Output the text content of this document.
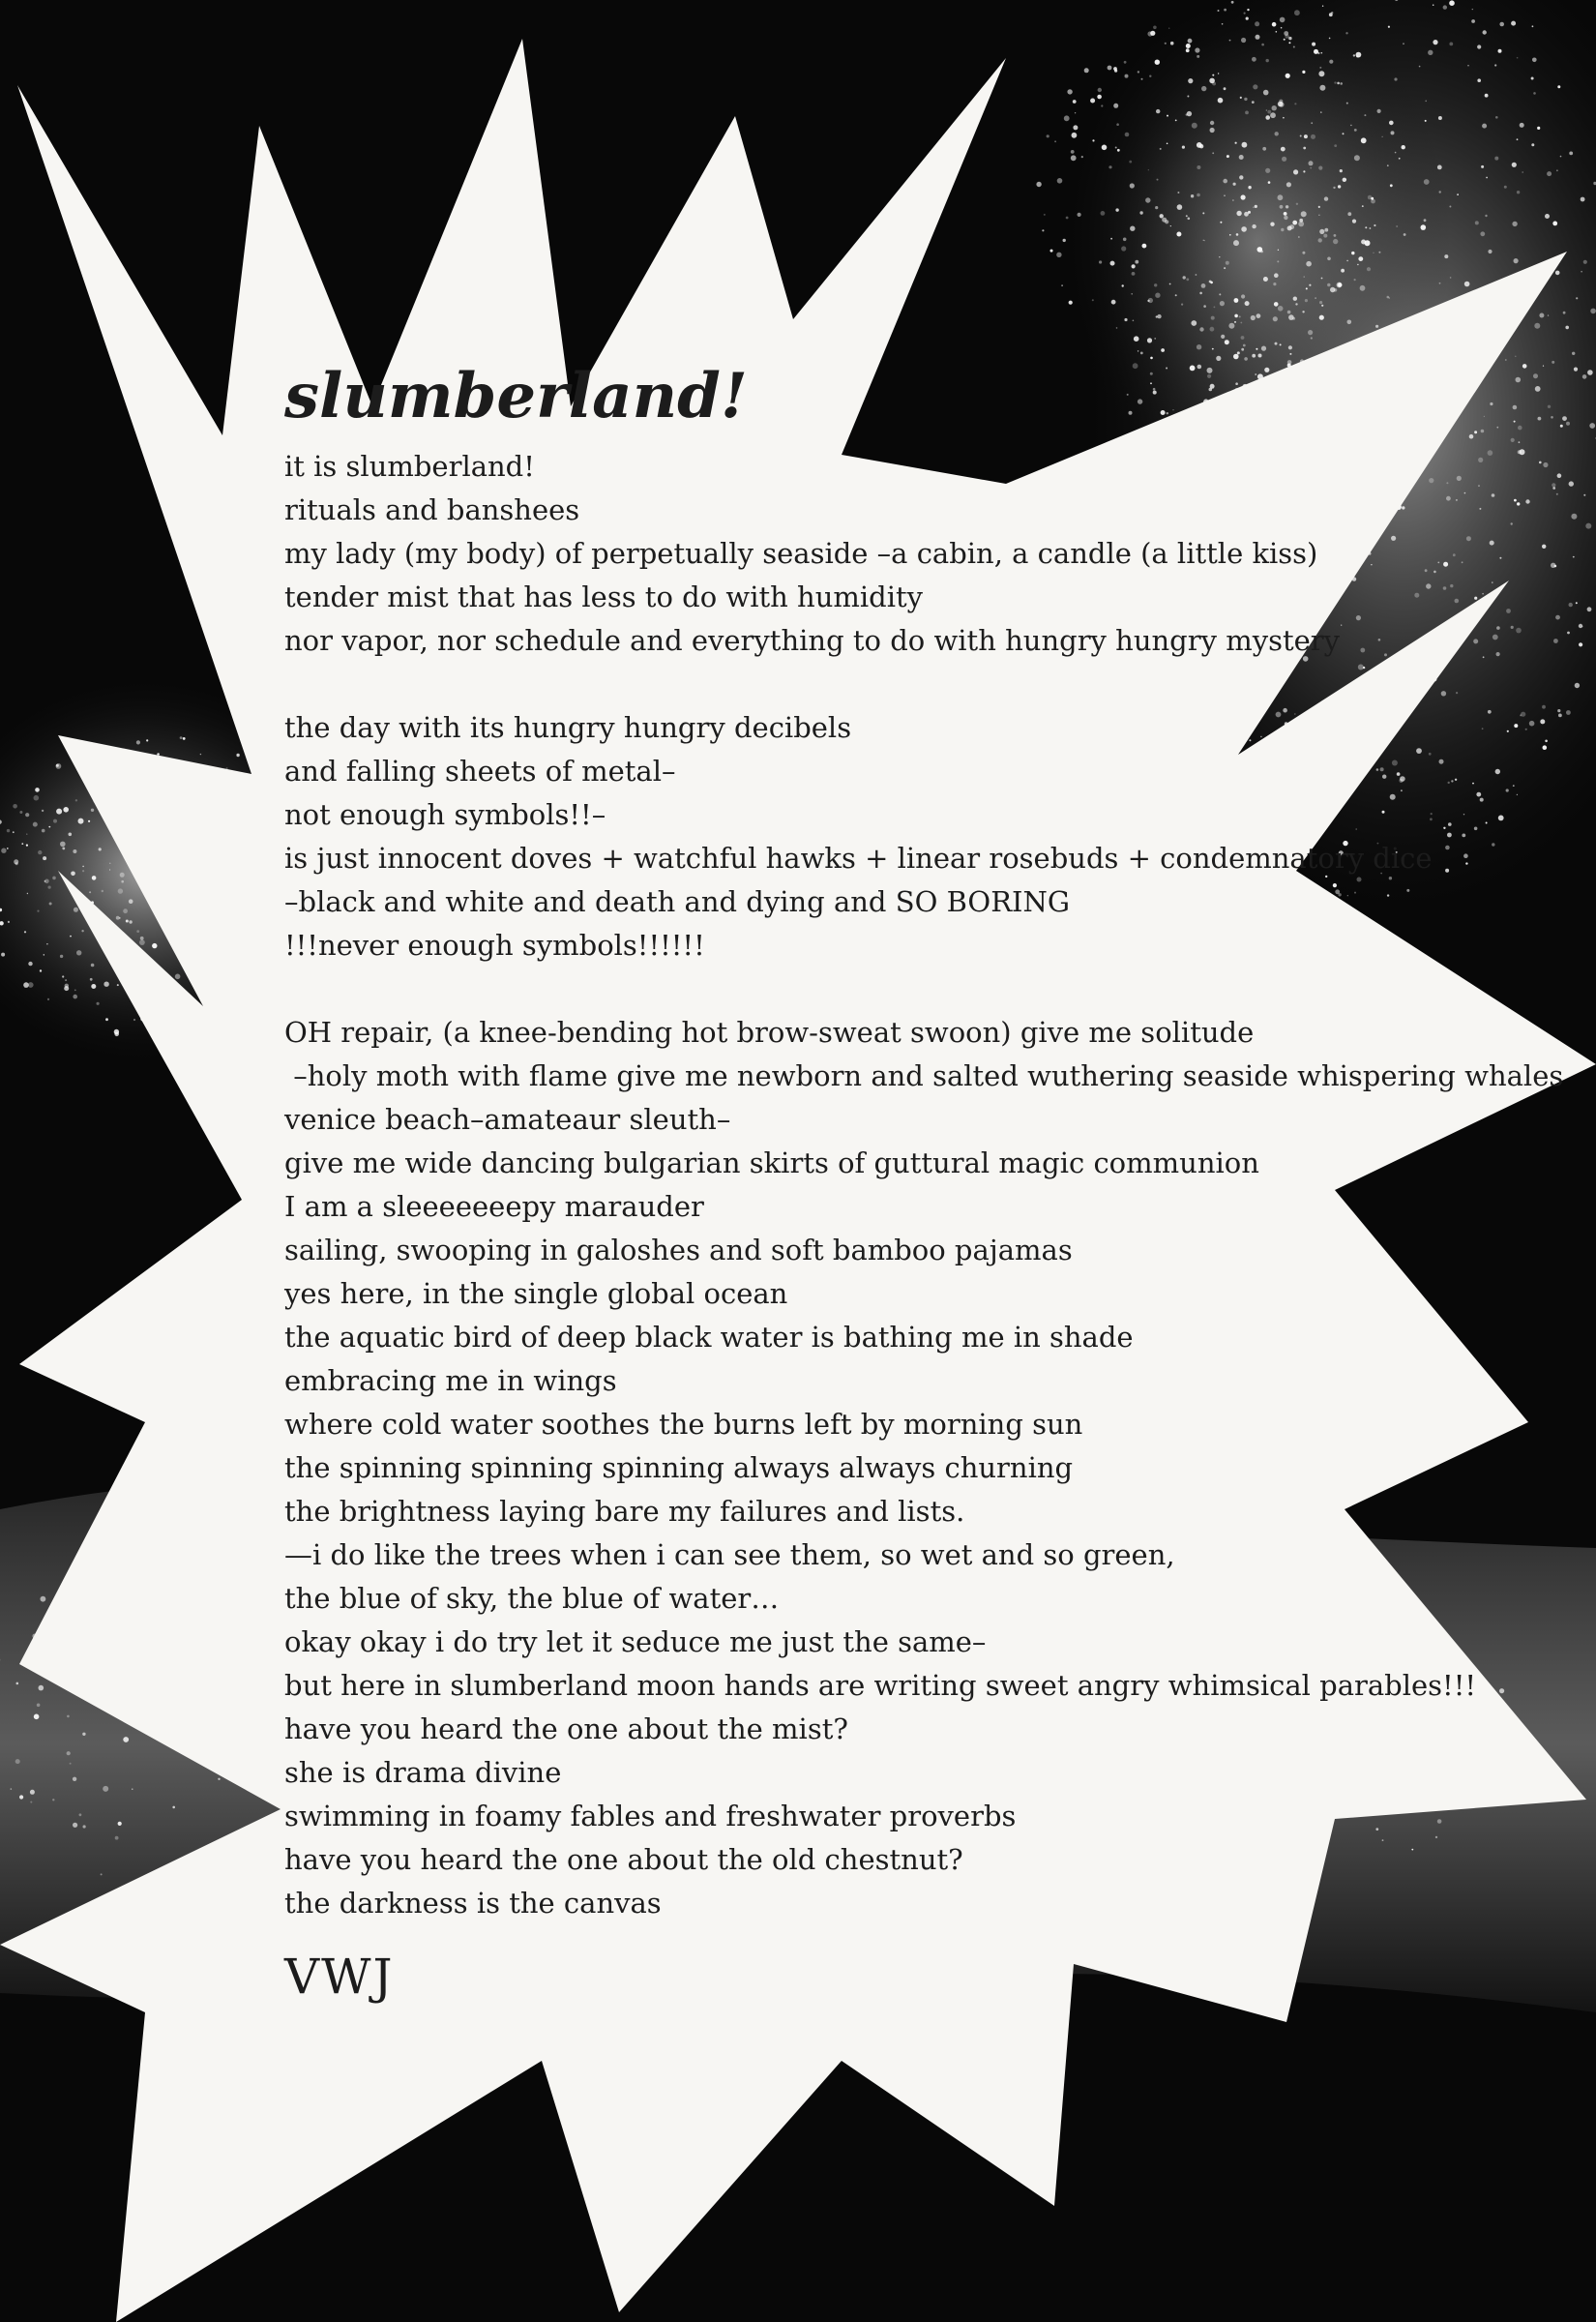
slumberland!
it is slumberland!
rituals and banshees
my lady (my body) of perpetually seaside –a cabin, a candle (a little kiss)
tender mist that has less to do with humidity
nor vapor, nor schedule and everything to do with hungry hungry mystery
the day with its hungry hungry decibels
and falling sheets of metal–
not enough symbols!!–
is just innocent doves + watchful hawks + linear rosebuds + condemnatory dice
–black and white and death and dying and SO BORING
!!!never enough symbols!!!!!!
OH repair, (a knee-bending hot brow-sweat swoon) give me solitude
–holy moth with flame give me newborn and salted wuthering seaside whispering whales
venice beach–amateaur sleuth–
give me wide dancing bulgarian skirts of guttural magic communion
I am a sleeeeeeepy marauder
sailing, swooping in galoshes and soft bamboo pajamas
yes here, in the single global ocean
the aquatic bird of deep black water is bathing me in shade
embracing me in wings
where cold water soothes the burns left by morning sun
the spinning spinning spinning always always churning
the brightness laying bare my failures and lists.
—i do like the trees when i can see them, so wet and so green,
the blue of sky, the blue of water…
okay okay i do try let it seduce me just the same–
but here in slumberland moon hands are writing sweet angry whimsical parables!!!
have you heard the one about the mist?
she is drama divine
swimming in foamy fables and freshwater proverbs
have you heard the one about the old chestnut?
the darkness is the canvas
VWJ
